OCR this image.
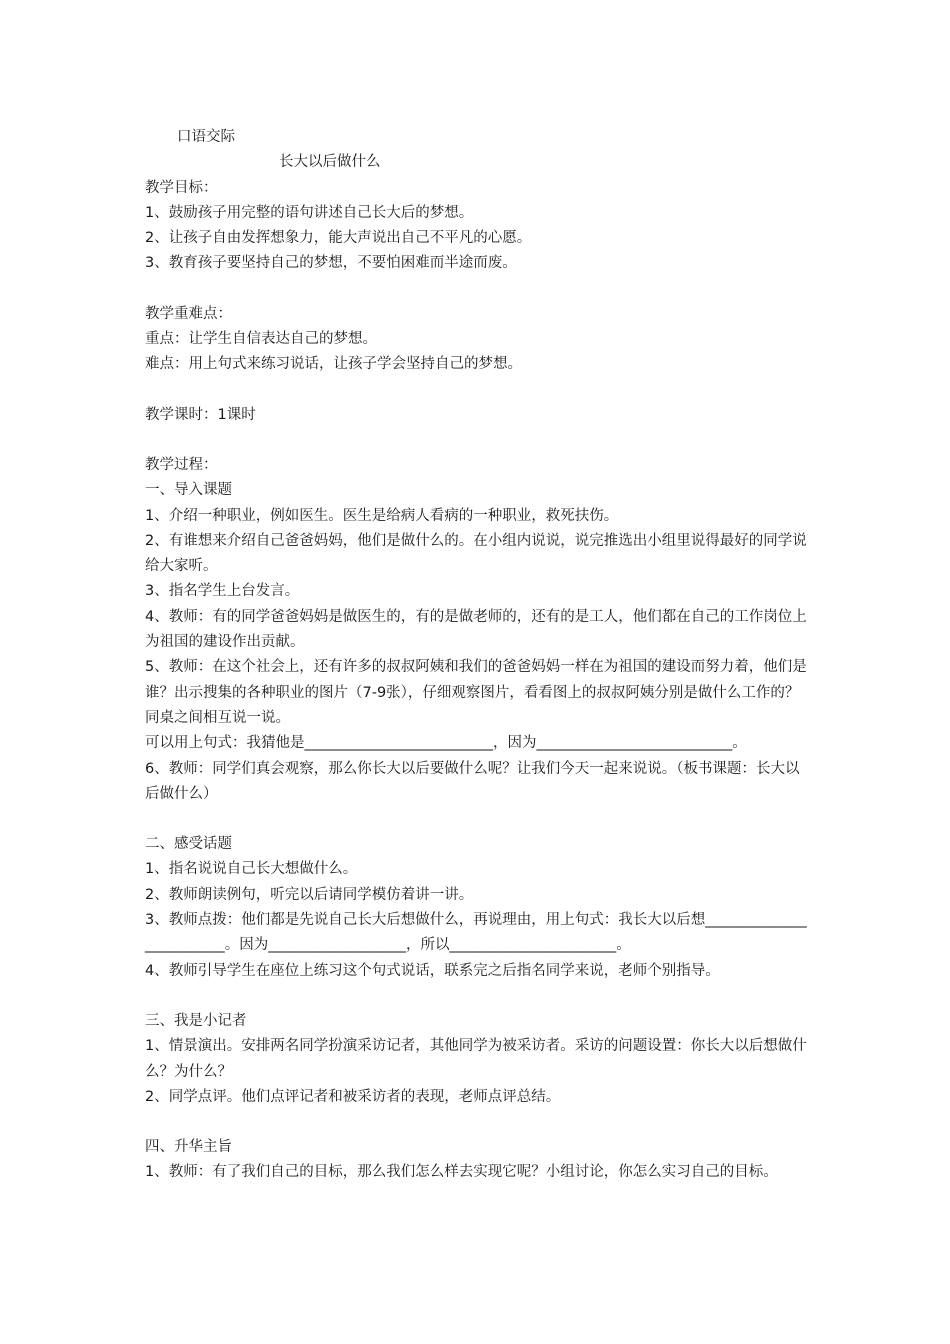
口语交际

长大以后做什么

教学目标：

1、鼓励孩子用完整的语句讲述自己长大后的梦想。

2、让孩子自由发挥想象力，能大声说出自己不平凡的心愿。

3、教育孩子要坚持自己的梦想，不要怕困难而半途而废。

教学重难点：

重点：让学生自信表达自己的梦想。

难点：用上句式来练习说话，让孩子学会坚持自己的梦想。

教学课时：1课时

教学过程：

一、导入课题

1、介绍一种职业，例如医生。医生是给病人看病的一种职业，救死扶伤。

2、有谁想来介绍自己爸爸妈妈，他们是做什么的。在小组内说说，说完推选出小组里说得最好的同学说给大家听。

3、指名学生上台发言。

4、教师：有的同学爸爸妈妈是做医生的，有的是做老师的，还有的是工人，他们都在自己的工作岗位上为祖国的建设作出贡献。

5、教师：在这个社会上，还有许多的叔叔阿姨和我们的爸爸妈妈一样在为祖国的建设而努力着，他们是谁？出示搜集的各种职业的图片（7-9张），仔细观察图片，看看图上的叔叔阿姨分别是做什么工作的？同桌之间相互说一说。

可以用上句式：我猜他是__________________________，因为___________________________。

6、教师：同学们真会观察，那么你长大以后要做什么呢？让我们今天一起来说说。（板书课题：长大以后做什么）

二、感受话题

1、指名说说自己长大想做什么。

2、教师朗读例句，听完以后请同学模仿着讲一讲。

3、教师点拨：他们都是先说自己长大后想做什么，再说理由，用上句式：我长大以后想_________________________。因为___________________，所以_______________________。

4、教师引导学生在座位上练习这个句式说话，联系完之后指名同学来说，老师个别指导。

三、我是小记者

1、情景演出。安排两名同学扮演采访记者，其他同学为被采访者。采访的问题设置：你长大以后想做什么？为什么？

2、同学点评。他们点评记者和被采访者的表现，老师点评总结。

四、升华主旨

1、教师：有了我们自己的目标，那么我们怎么样去实现它呢？小组讨论，你怎么实习自己的目标。
